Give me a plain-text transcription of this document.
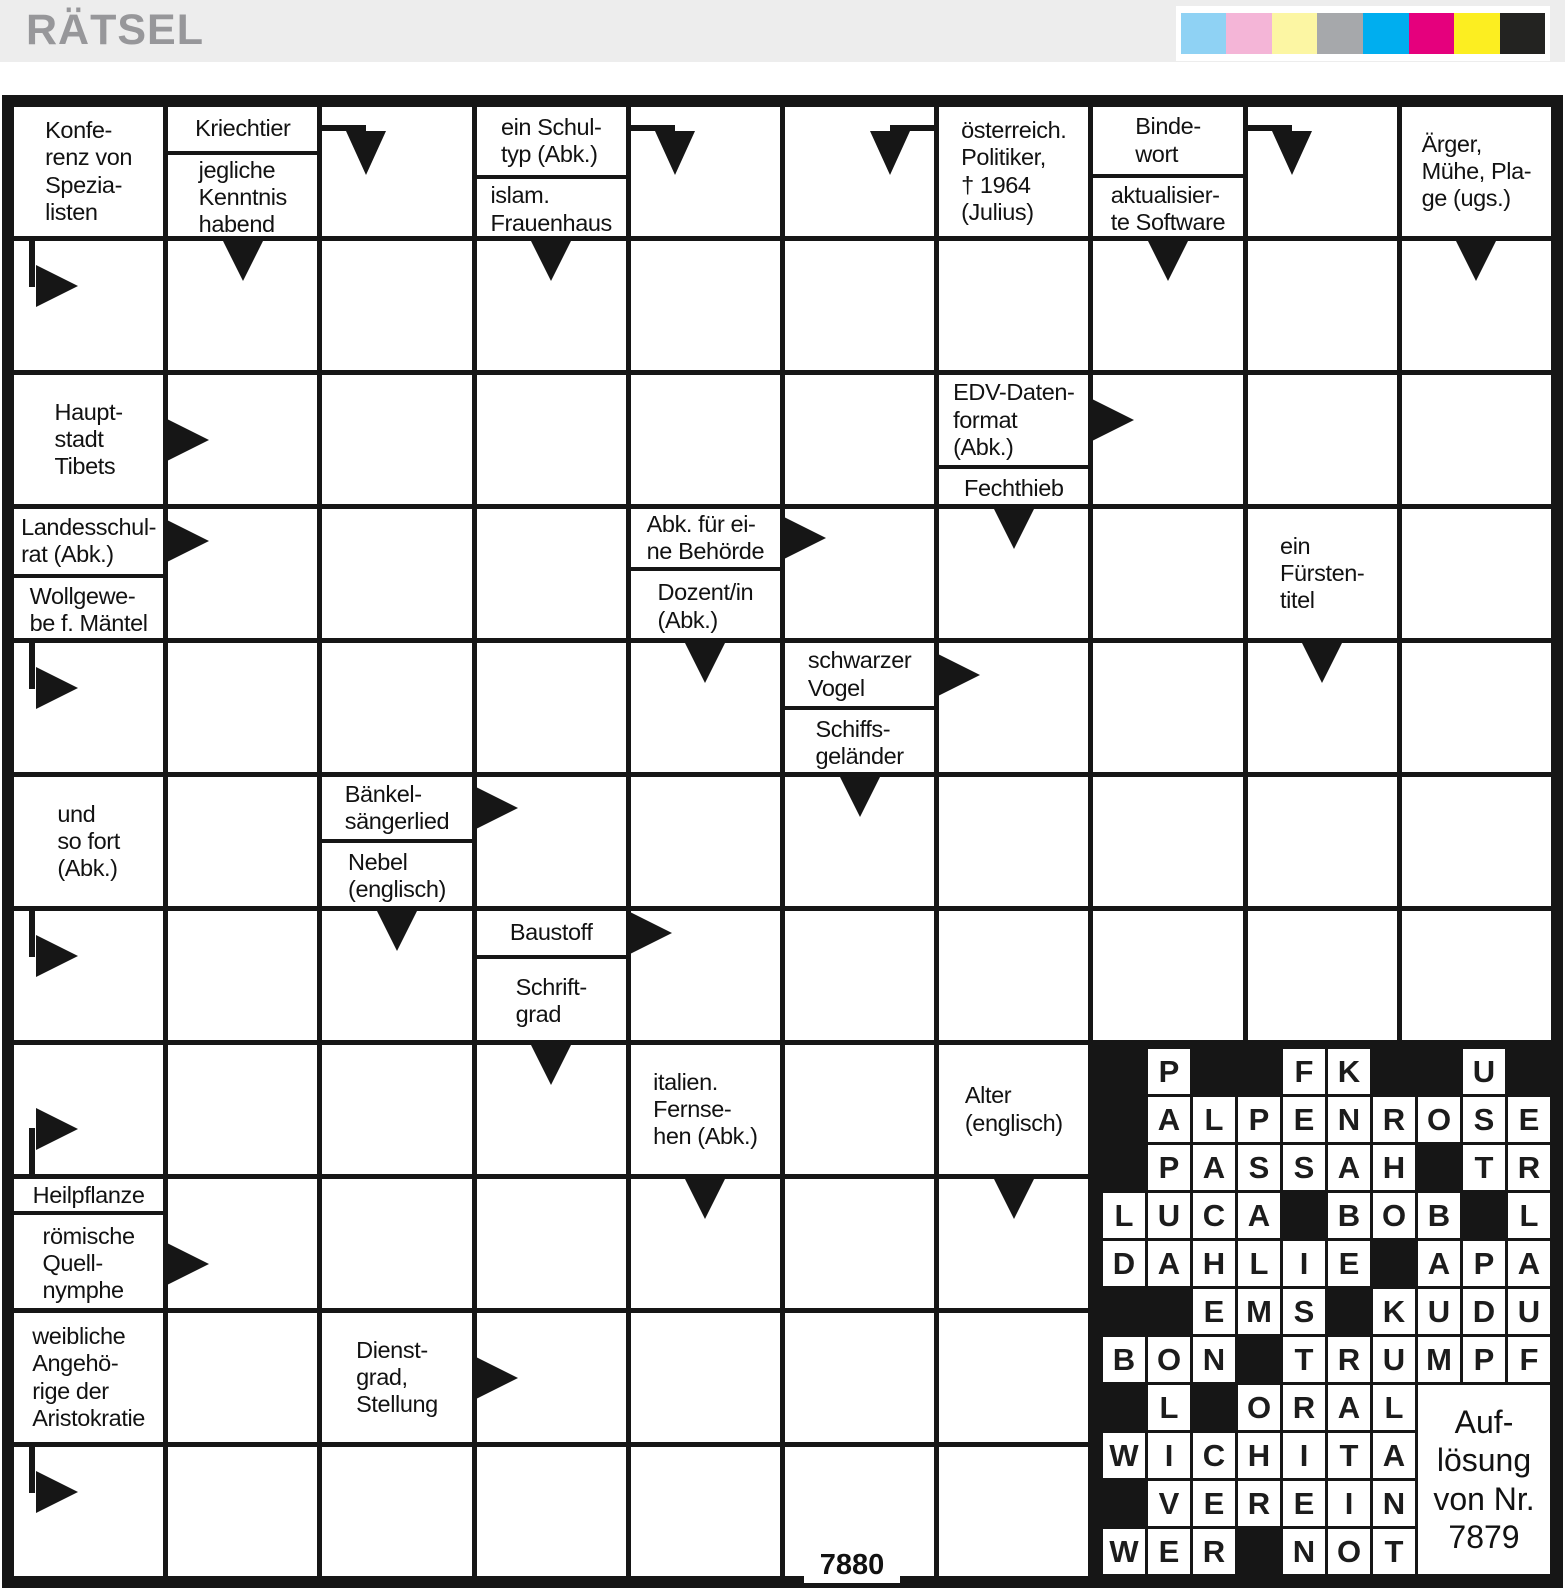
RÄTSEL
Konfe-
renz von
Spezia-
listen
Kriechtier
jegliche
Kenntnis
habend
ein Schul-
typ (Abk.)
islam.
Frauenhaus
österreich.
Politiker,
† 1964
(Julius)
Binde-
wort
aktualisier-
te Software
Ärger,
Mühe, Pla-
ge (ugs.)
Haupt-
stadt
Tibets
EDV-Daten-
format
(Abk.)
Fechthieb
Landesschul-
rat (Abk.)
Wollgewe-
be f. Mäntel
Abk. für ei-
ne Behörde
Dozent/in
(Abk.)
ein
Fürsten-
titel
schwarzer
Vogel
Schiffs-
geländer
und
so fort
(Abk.)
Bänkel-
sängerlied
Nebel
(englisch)
Baustoff
Schrift-
grad
italien.
Fernse-
hen (Abk.)
Alter
(englisch)
Heilpflanze
römische
Quell-
nymphe
weibliche
Angehö-
rige der
Aristokratie
Dienst-
grad,
Stellung
P	F K	U
A L P E N R O S E
P A S S A H	T R
L U C A	B O B	L
D A H L	I E	A P A
E M S	K U D U
B O N	T R U M P F
L	O R A L
W I C H I	T A
V E R E I N
W E R	N O T
Auf-
lösung
von Nr.
7879
7880
